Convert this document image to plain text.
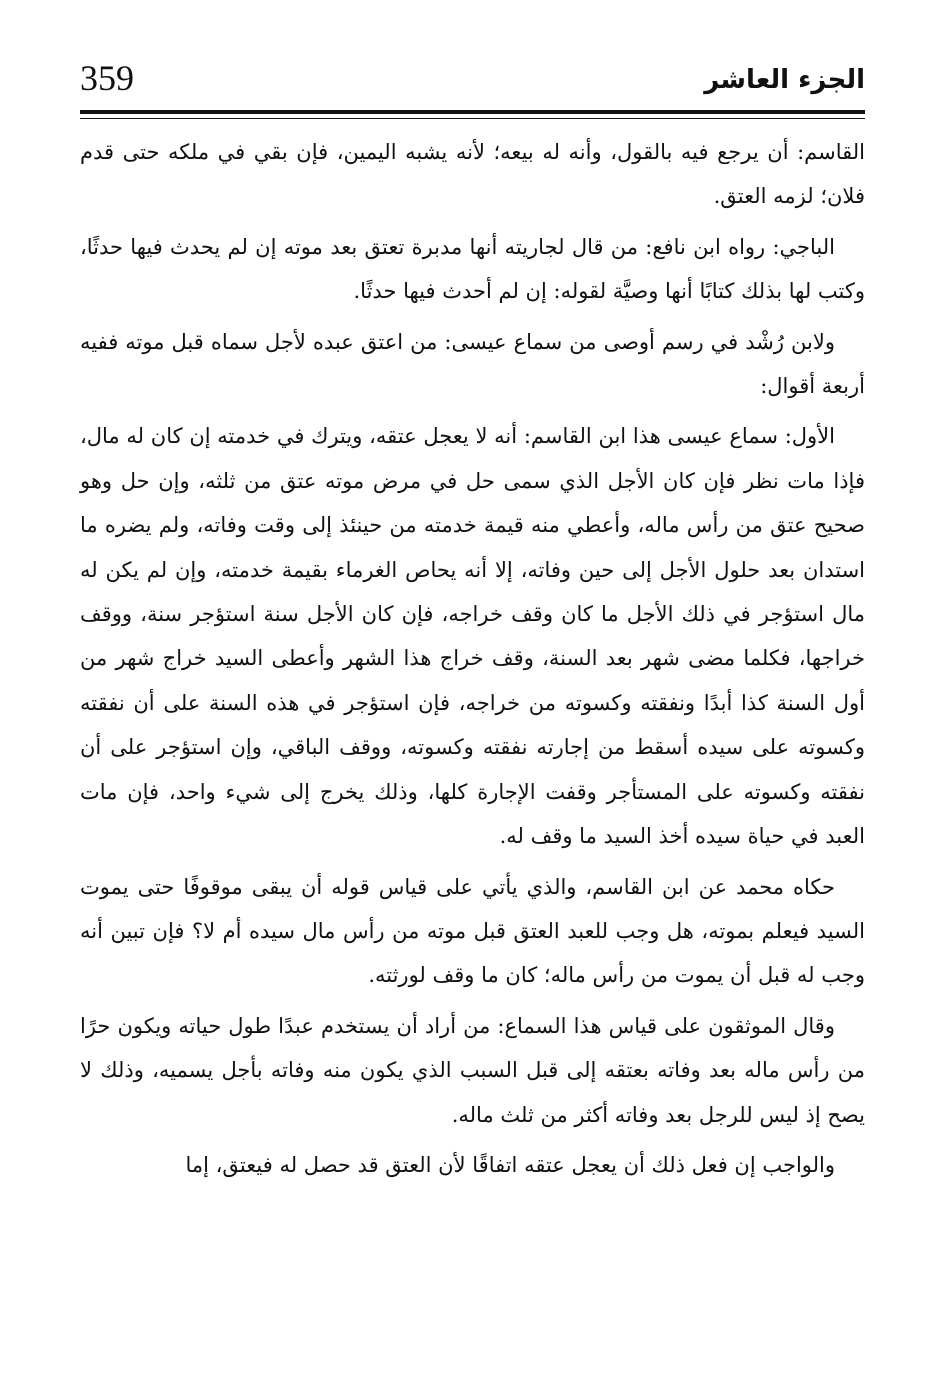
359	الجزء العاشر

القاسم: أن يرجع فيه بالقول، وأنه له بيعه؛ لأنه يشبه اليمين، فإن بقي في ملكه حتى قدم فلان؛ لزمه العتق.

الباجي: رواه ابن نافع: من قال لجاريته أنها مدبرة تعتق بعد موته إن لم يحدث فيها حدثًا، وكتب لها بذلك كتابًا أنها وصيَّة لقوله: إن لم أحدث فيها حدثًا.

ولابن رُشْد في رسم أوصى من سماع عيسى: من اعتق عبده لأجل سماه قبل موته ففيه أربعة أقوال:

الأول: سماع عيسى هذا ابن القاسم: أنه لا يعجل عتقه، ويترك في خدمته إن كان له مال، فإذا مات نظر فإن كان الأجل الذي سمى حل في مرض موته عتق من ثلثه، وإن حل وهو صحيح عتق من رأس ماله، وأعطي منه قيمة خدمته من حينئذ إلى وقت وفاته، ولم يضره ما استدان بعد حلول الأجل إلى حين وفاته، إلا أنه يحاص الغرماء بقيمة خدمته، وإن لم يكن له مال استؤجر في ذلك الأجل ما كان وقف خراجه، فإن كان الأجل سنة استؤجر سنة، ووقف خراجها، فكلما مضى شهر بعد السنة، وقف خراج هذا الشهر وأعطى السيد خراج شهر من أول السنة كذا أبدًا ونفقته وكسوته من خراجه، فإن استؤجر في هذه السنة على أن نفقته وكسوته على سيده أسقط من إجارته نفقته وكسوته، ووقف الباقي، وإن استؤجر على أن نفقته وكسوته على المستأجر وقفت الإجارة كلها، وذلك يخرج إلى شيء واحد، فإن مات العبد في حياة سيده أخذ السيد ما وقف له.

حكاه محمد عن ابن القاسم، والذي يأتي على قياس قوله أن يبقى موقوفًا حتى يموت السيد فيعلم بموته، هل وجب للعبد العتق قبل موته من رأس مال سيده أم لا؟ فإن تبين أنه وجب له قبل أن يموت من رأس ماله؛ كان ما وقف لورثته.

وقال الموثقون على قياس هذا السماع: من أراد أن يستخدم عبدًا طول حياته ويكون حرًا من رأس ماله بعد وفاته بعتقه إلى قبل السبب الذي يكون منه وفاته بأجل يسميه، وذلك لا يصح إذ ليس للرجل بعد وفاته أكثر من ثلث ماله.

والواجب إن فعل ذلك أن يعجل عتقه اتفاقًا لأن العتق قد حصل له فيعتق، إما
